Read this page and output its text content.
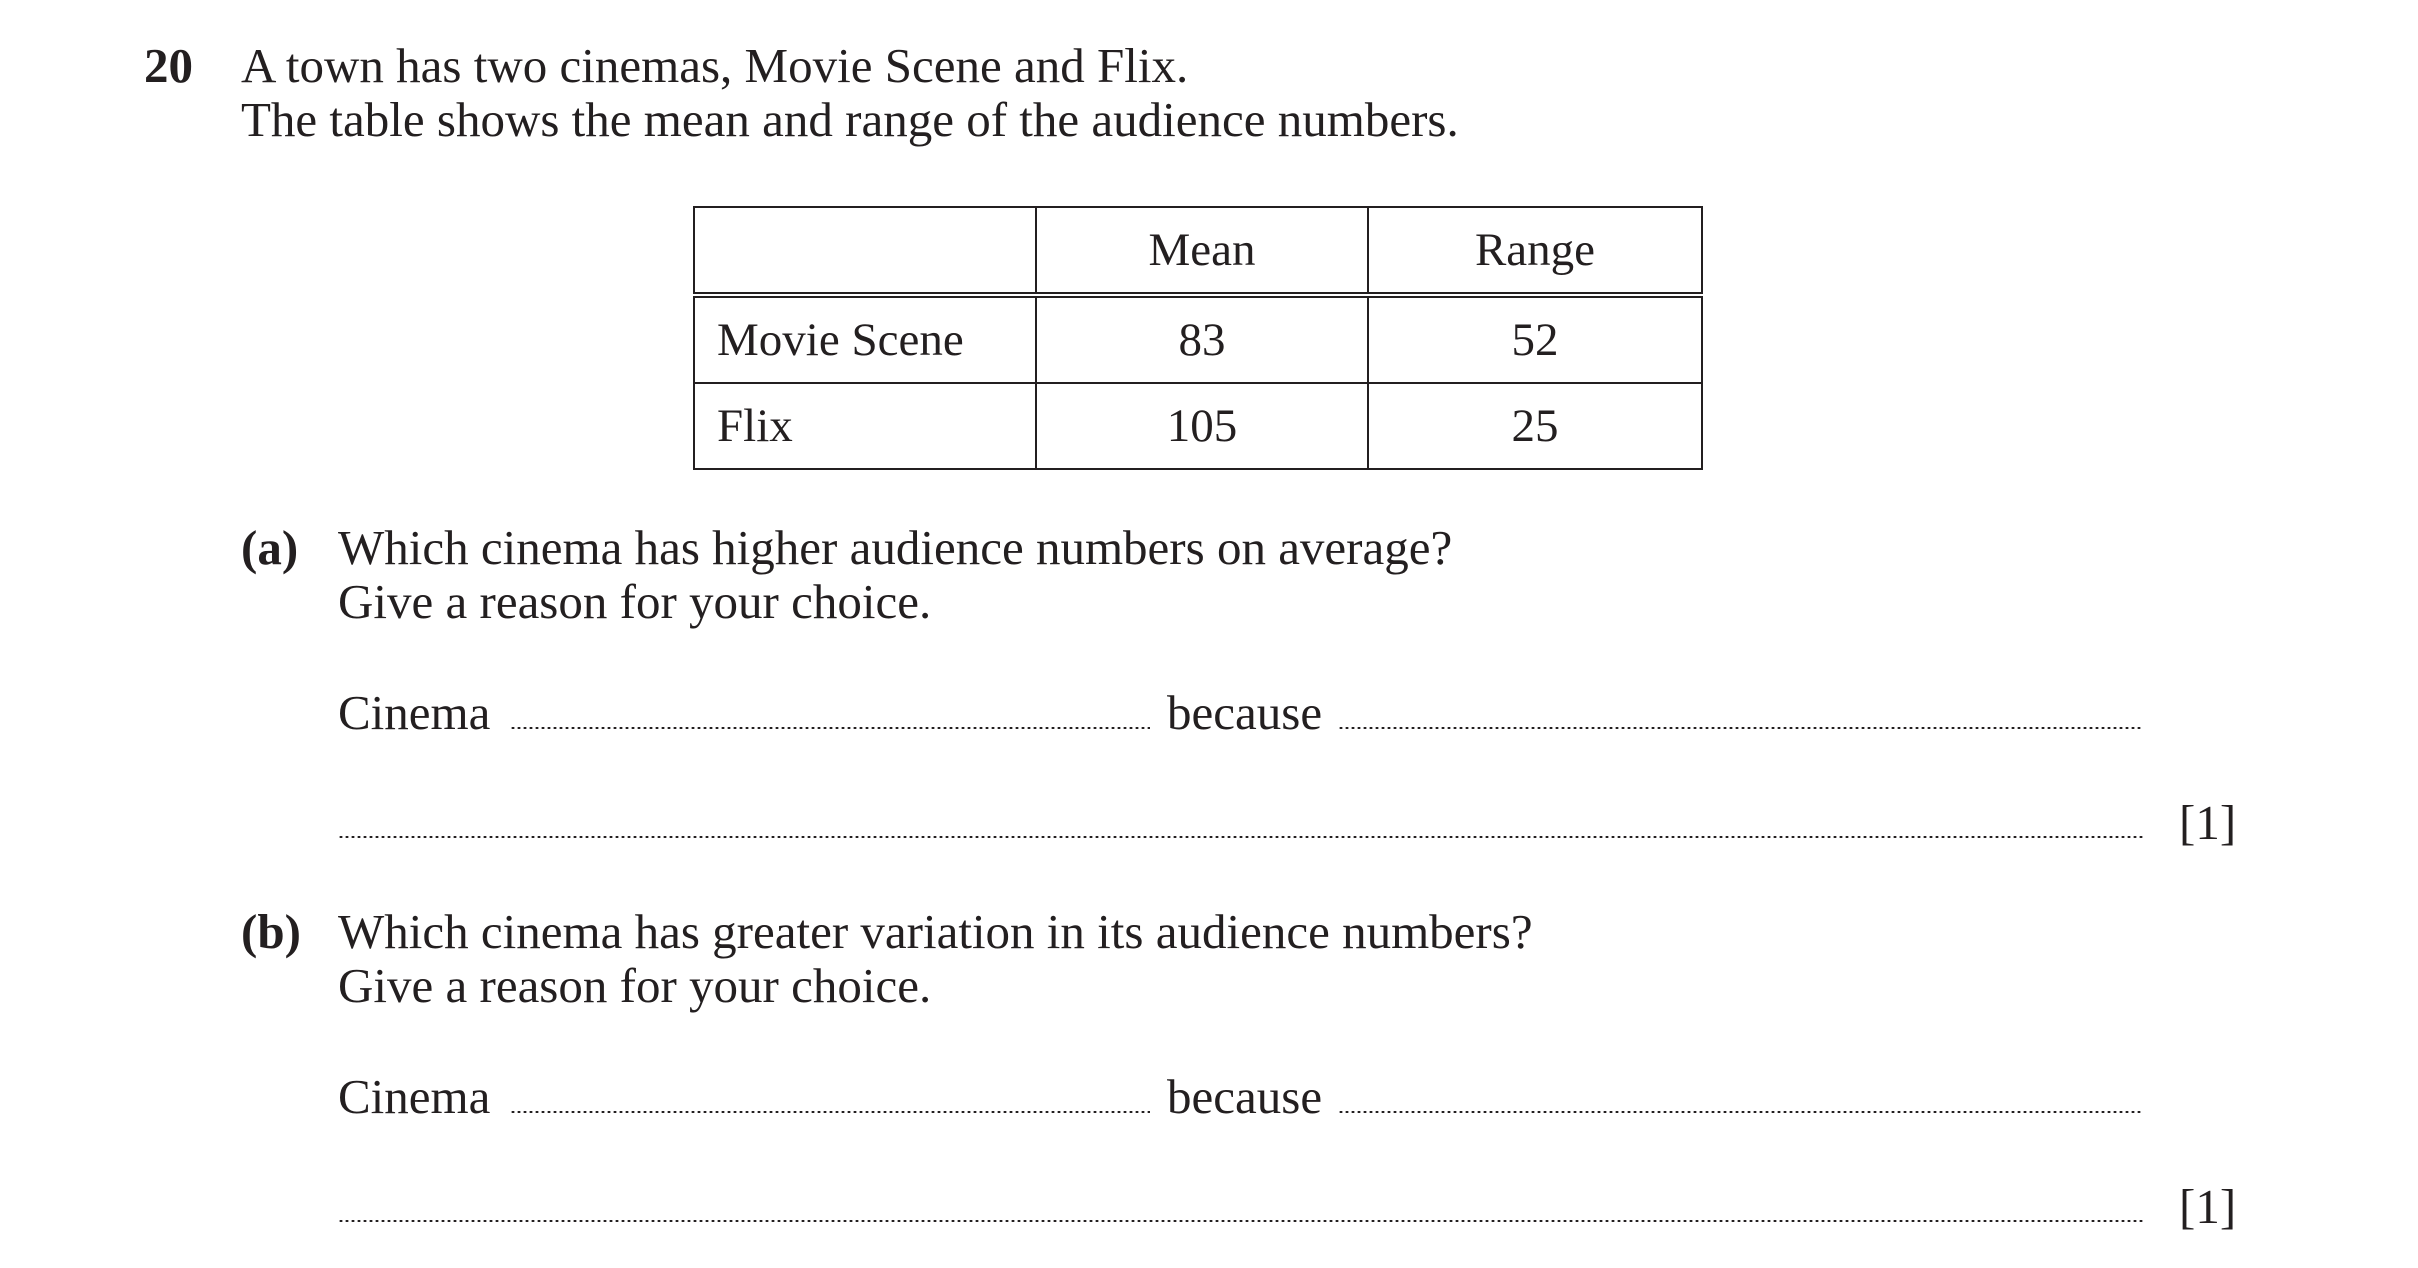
20 A town has two cinemas, Movie Scene and Flix.
The table shows the mean and range of the audience numbers.
	Mean	Range
Movie Scene	83	52
Flix	105	25
(a) Which cinema has higher audience numbers on average?
Give a reason for your choice.
Cinema	because
[1]
(b) Which cinema has greater variation in its audience numbers?
Give a reason for your choice.
Cinema	because
[1]
